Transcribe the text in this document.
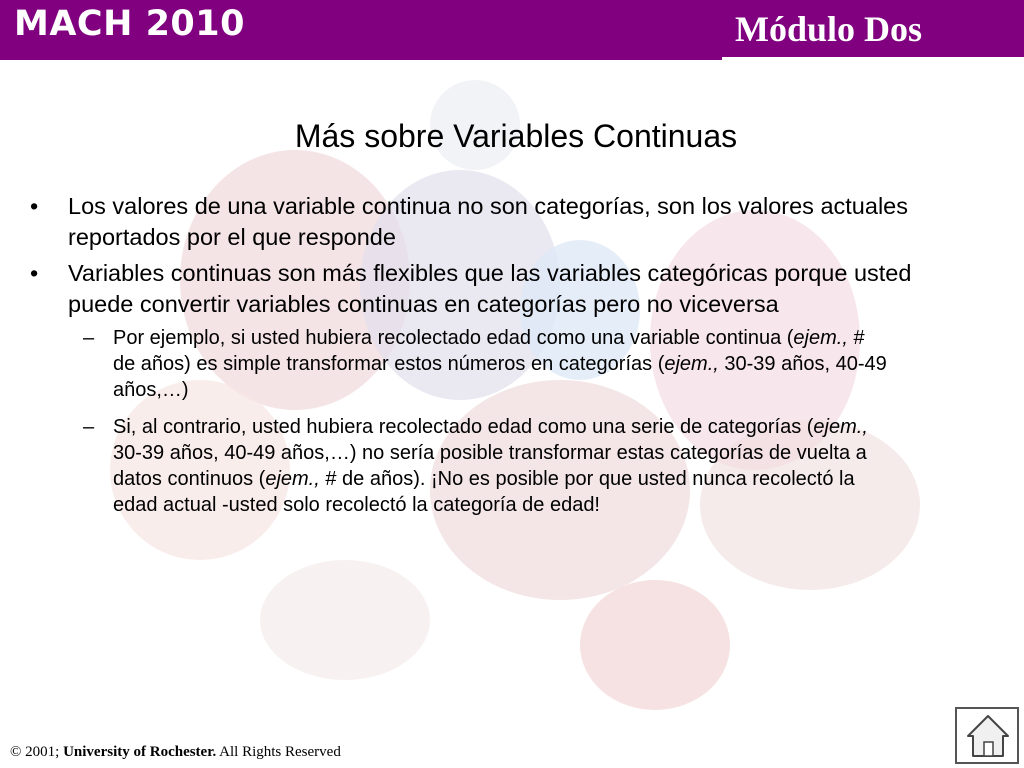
MACH 2010	Módulo Dos
Más sobre Variables Continuas
• Los valores de una variable continua no son categorías, son los valores actuales
reportados por el que responde
• Variables continuas son más flexibles que las variables categóricas porque usted
puede convertir variables continuas en categorías pero no viceversa
– Por ejemplo, si usted hubiera recolectado edad como una variable continua (ejem., #
de años) es simple transformar estos números en categorías (ejem., 30-39 años, 40-49
años,…)
– Si, al contrario, usted hubiera recolectado edad como una serie de categorías (ejem.,
30-39 años, 40-49 años,…) no sería posible transformar estas categorías de vuelta a
datos continuos (ejem., # de años). ¡No es posible por que usted nunca recolectó la
edad actual -usted solo recolectó la categoría de edad!
© 2001; University of Rochester. All Rights Reserved
